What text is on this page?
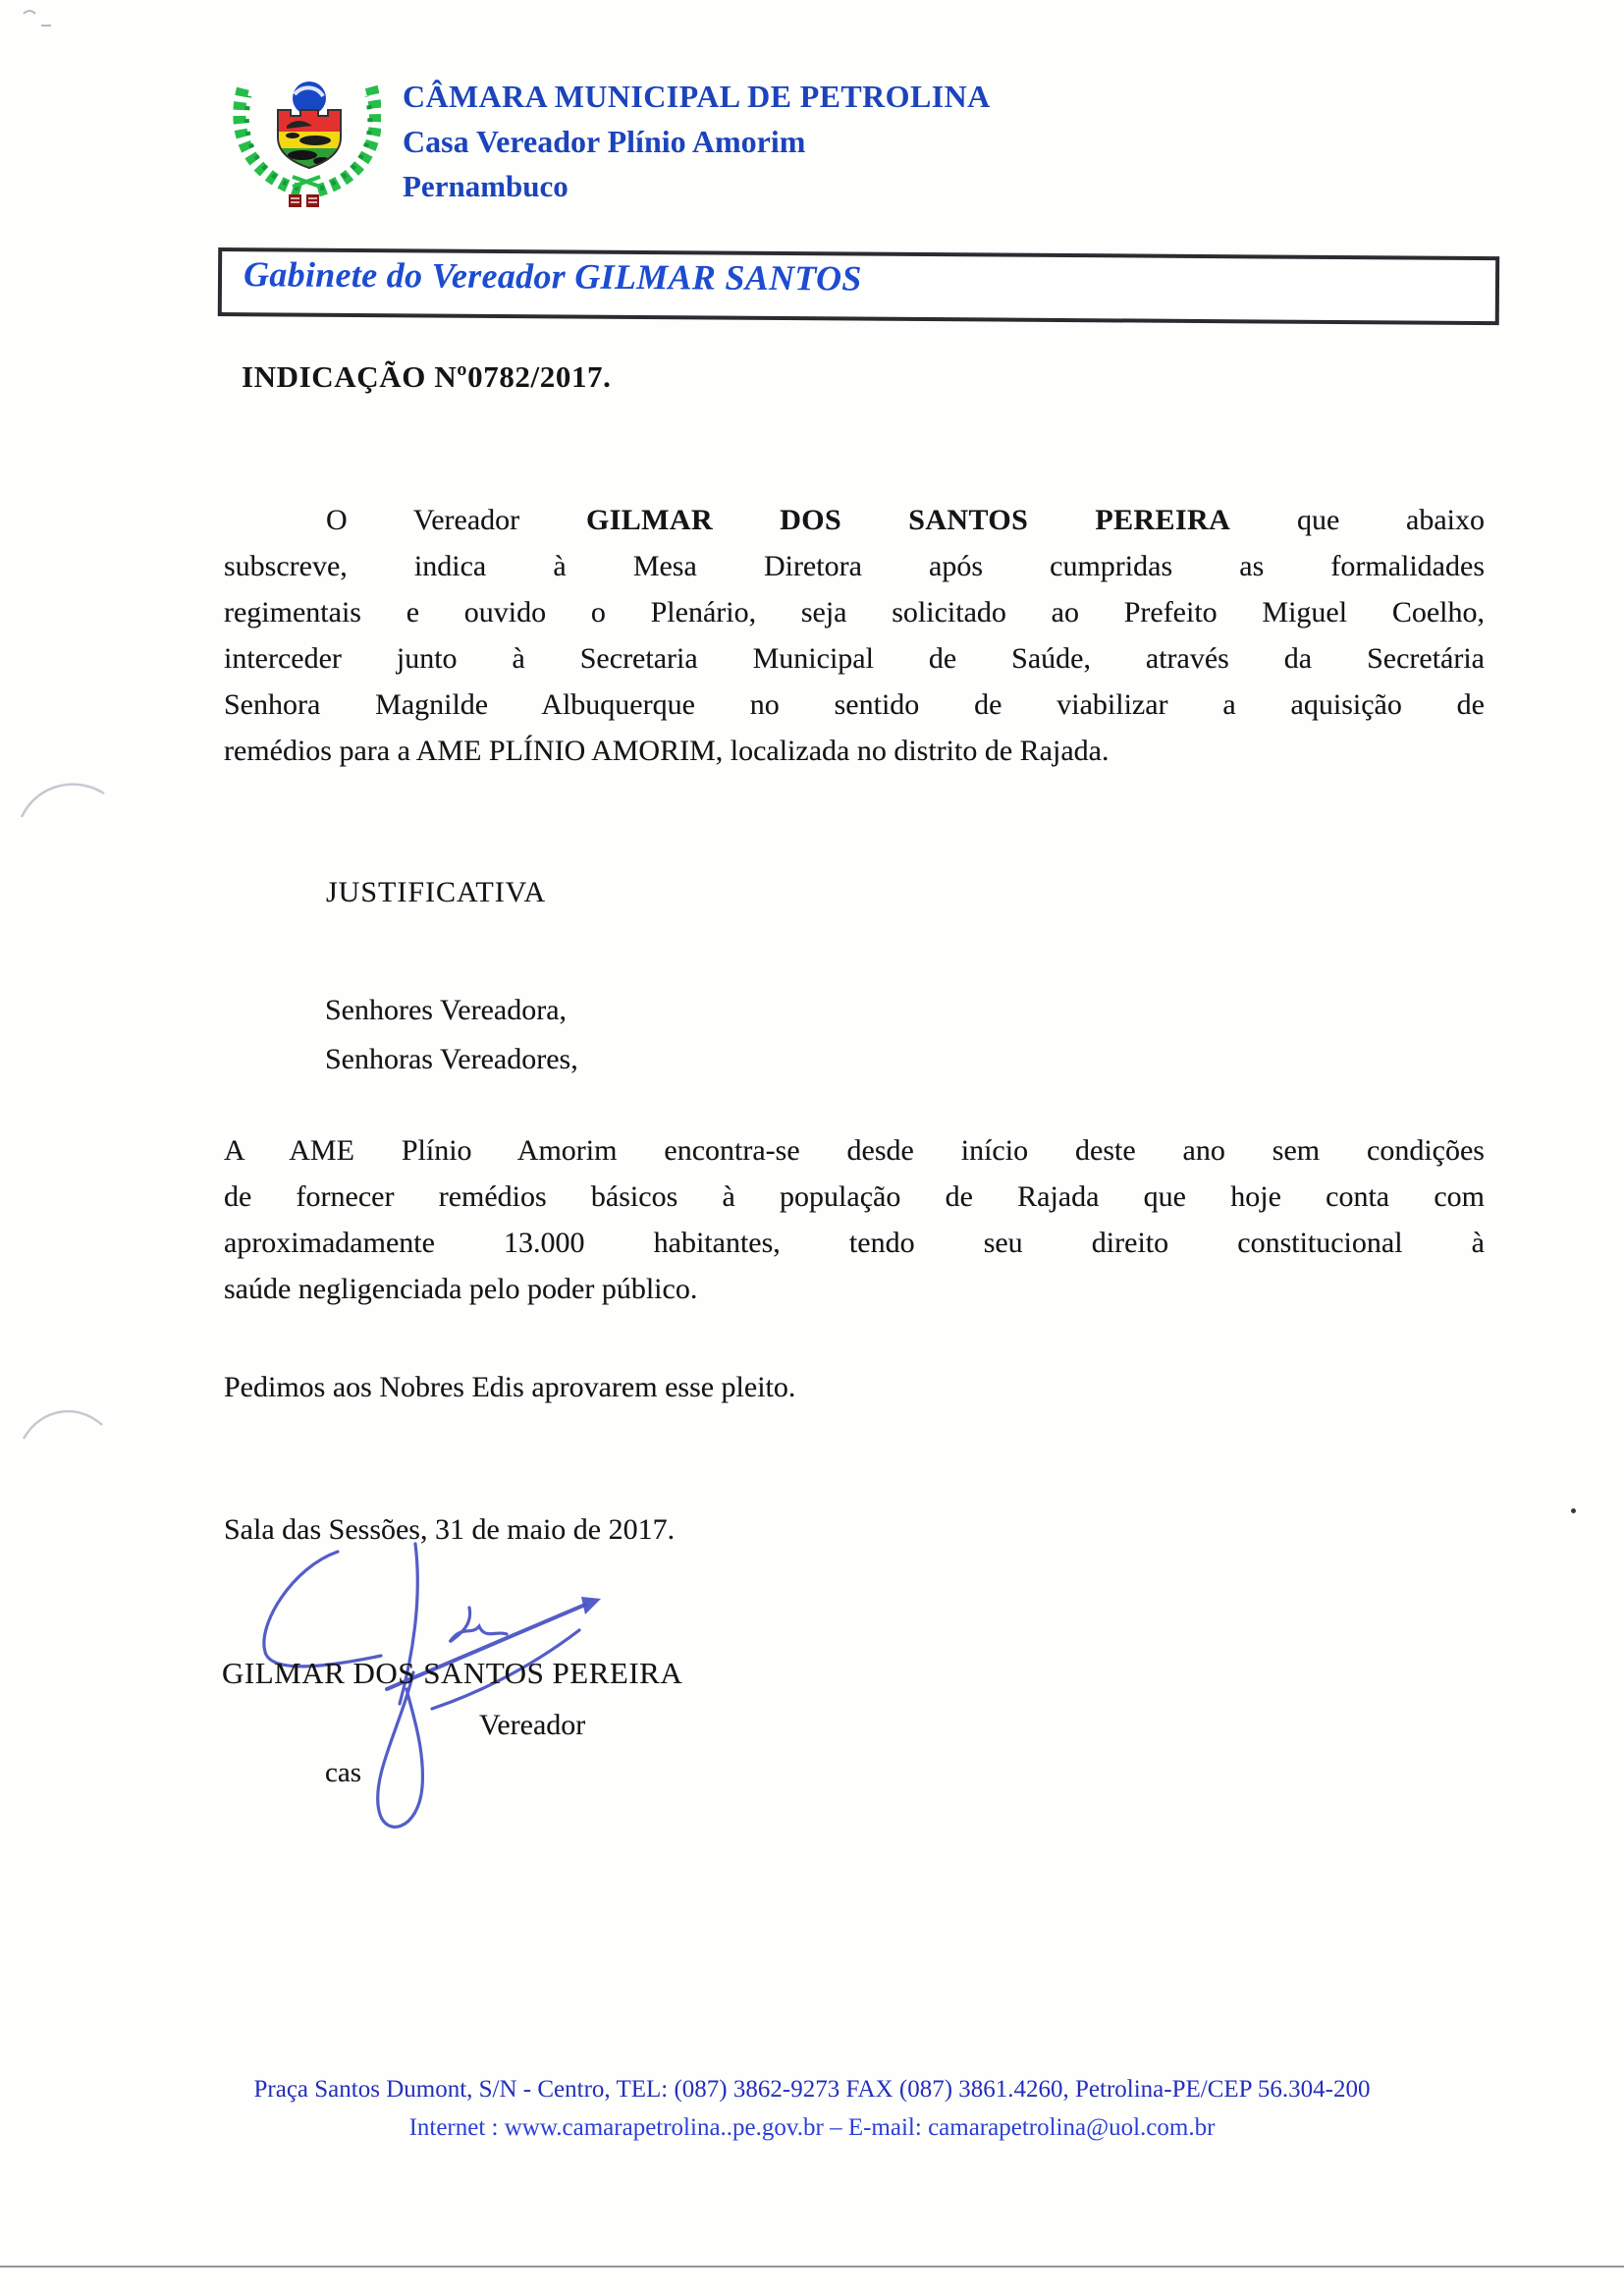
CÂMARA MUNICIPAL DE PETROLINA
Casa Vereador Plínio Amorim
Pernambuco
Gabinete do Vereador GILMAR SANTOS
INDICAÇÃO Nº0782/2017.
O Vereador GILMAR DOS SANTOS PEREIRA que abaixo
subscreve, indica à Mesa Diretora após cumpridas as formalidades
regimentais e ouvido o Plenário, seja solicitado ao Prefeito Miguel Coelho,
interceder junto à Secretaria Municipal de Saúde, através da Secretária
Senhora Magnilde Albuquerque no sentido de viabilizar a aquisição de
remédios para a AME PLÍNIO AMORIM, localizada no distrito de Rajada.
JUSTIFICATIVA
Senhores Vereadora,
Senhoras Vereadores,
A AME Plínio Amorim encontra-se desde início deste ano sem condições
de fornecer remédios básicos à população de Rajada que hoje conta com
aproximadamente 13.000 habitantes, tendo seu direito constitucional à
saúde negligenciada pelo poder público.
Pedimos aos Nobres Edis aprovarem esse pleito.
Sala das Sessões, 31 de maio de 2017.
GILMAR DOS SANTOS PEREIRA
Vereador
cas
Praça Santos Dumont, S/N - Centro, TEL: (087) 3862-9273 FAX (087) 3861.4260, Petrolina-PE/CEP 56.304-200
Internet : www.camarapetrolina..pe.gov.br – E-mail: camarapetrolina@uol.com.br
